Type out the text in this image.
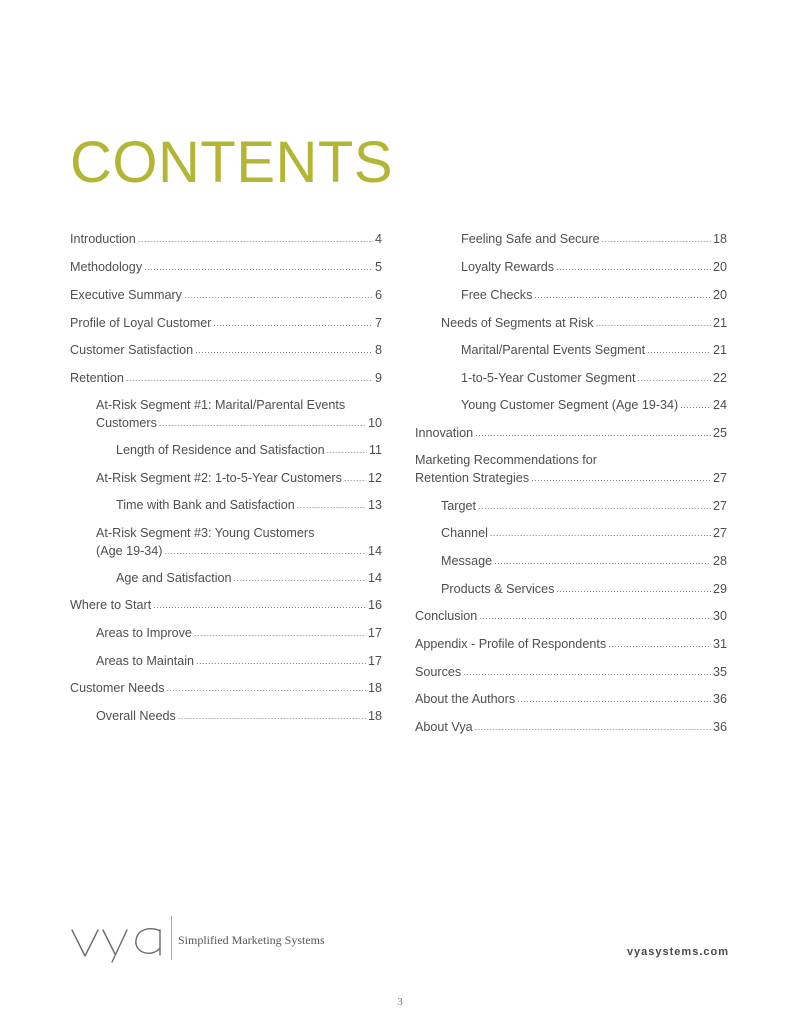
CONTENTS
Introduction .....	4
Methodology .....	5
Executive Summary .....	6
Profile of Loyal Customer .....	7
Customer Satisfaction .....	8
Retention .....	9
At-Risk Segment #1: Marital/Parental Events
Customers .....	10
Length of Residence and Satisfaction .....	11
At-Risk Segment #2: 1-to-5-Year Customers ..... 12
Time with Bank and Satisfaction .....	13
At-Risk Segment #3: Young Customers
(Age 19-34) .....	14
Age and Satisfaction .....	14
Where to Start .....	16
Areas to Improve .....	17
Areas to Maintain .....	17
Customer Needs .....	18
Overall Needs .....	18
Feeling Safe and Secure .....	18
Loyalty Rewards .....	20
Free Checks .....	20
Needs of Segments at Risk .....	21
Marital/Parental Events Segment .....	21
1-to-5-Year Customer Segment .....	22
Young Customer Segment (Age 19-34) .....	24
Innovation .....	25
Marketing Recommendations for
Retention Strategies .....	27
Target .....	27
Channel .....	27
Message .....	28
Products & Services .....	29
Conclusion .....	30
Appendix - Profile of Respondents .....	31
Sources .....	35
About the Authors .....	36
About Vya .....	36
Simplified Marketing Systems
vyasystems.com
3
